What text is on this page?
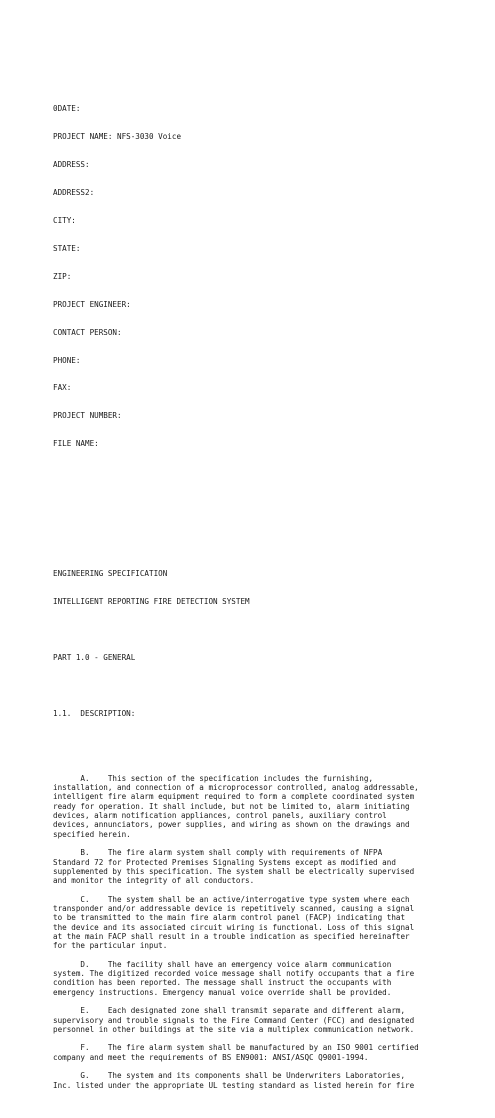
0DATE:

PROJECT NAME: NFS-3030 Voice

ADDRESS:

ADDRESS2:

CITY:

STATE:

ZIP:

PROJECT ENGINEER:

CONTACT PERSON:

PHONE:

FAX:

PROJECT NUMBER:

FILE NAME:

ENGINEERING SPECIFICATION

INTELLIGENT REPORTING FIRE DETECTION SYSTEM

PART 1.0 - GENERAL

1.1.  DESCRIPTION:

A.    This section of the specification includes the furnishing,
installation, and connection of a microprocessor controlled, analog addressable,
intelligent fire alarm equipment required to form a complete coordinated system
ready for operation. It shall include, but not be limited to, alarm initiating
devices, alarm notification appliances, control panels, auxiliary control
devices, annunciators, power supplies, and wiring as shown on the drawings and
specified herein.
B.    The fire alarm system shall comply with requirements of NFPA
Standard 72 for Protected Premises Signaling Systems except as modified and
supplemented by this specification. The system shall be electrically supervised
and monitor the integrity of all conductors.
C.    The system shall be an active/interrogative type system where each
transponder and/or addressable device is repetitively scanned, causing a signal
to be transmitted to the main fire alarm control panel (FACP) indicating that
the device and its associated circuit wiring is functional. Loss of this signal
at the main FACP shall result in a trouble indication as specified hereinafter
for the particular input.
D.    The facility shall have an emergency voice alarm communication
system. The digitized recorded voice message shall notify occupants that a fire
condition has been reported. The message shall instruct the occupants with
emergency instructions. Emergency manual voice override shall be provided.
E.    Each designated zone shall transmit separate and different alarm,
supervisory and trouble signals to the Fire Command Center (FCC) and designated
personnel in other buildings at the site via a multiplex communication network.
F.    The fire alarm system shall be manufactured by an ISO 9001 certified
company and meet the requirements of BS EN9001: ANSI/ASQC Q9001-1994.
G.    The system and its components shall be Underwriters Laboratories,
Inc. listed under the appropriate UL testing standard as listed herein for fire
